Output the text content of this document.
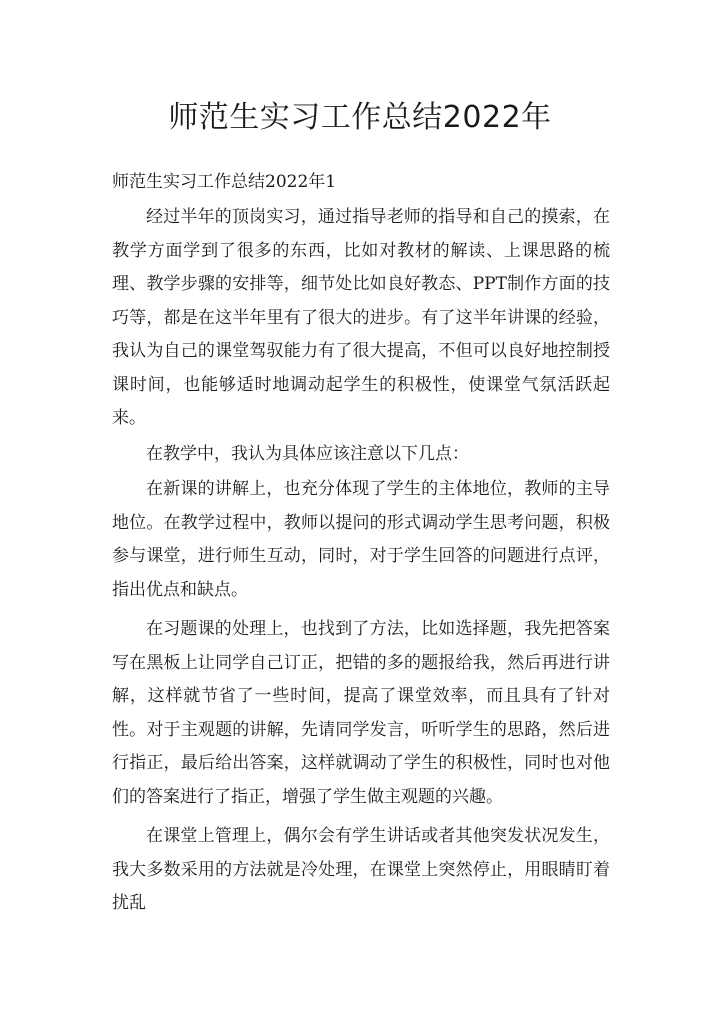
师范生实习工作总结2022年

师范生实习工作总结2022年1

经过半年的顶岗实习，通过指导老师的指导和自己的摸索，在教学方面学到了很多的东西，比如对教材的解读、上课思路的梳理、教学步骤的安排等，细节处比如良好教态、PPT制作方面的技巧等，都是在这半年里有了很大的进步。有了这半年讲课的经验，我认为自己的课堂驾驭能力有了很大提高，不但可以良好地控制授课时间，也能够适时地调动起学生的积极性，使课堂气氛活跃起来。

在教学中，我认为具体应该注意以下几点：

在新课的讲解上，也充分体现了学生的主体地位，教师的主导地位。在教学过程中，教师以提问的形式调动学生思考问题，积极参与课堂，进行师生互动，同时，对于学生回答的问题进行点评，指出优点和缺点。

在习题课的处理上，也找到了方法，比如选择题，我先把答案写在黑板上让同学自己订正，把错的多的题报给我，然后再进行讲解，这样就节省了一些时间，提高了课堂效率，而且具有了针对性。对于主观题的讲解，先请同学发言，听听学生的思路，然后进行指正，最后给出答案，这样就调动了学生的积极性，同时也对他们的答案进行了指正，增强了学生做主观题的兴趣。

在课堂上管理上，偶尔会有学生讲话或者其他突发状况发生，我大多数采用的方法就是冷处理，在课堂上突然停止，用眼睛盯着扰乱
